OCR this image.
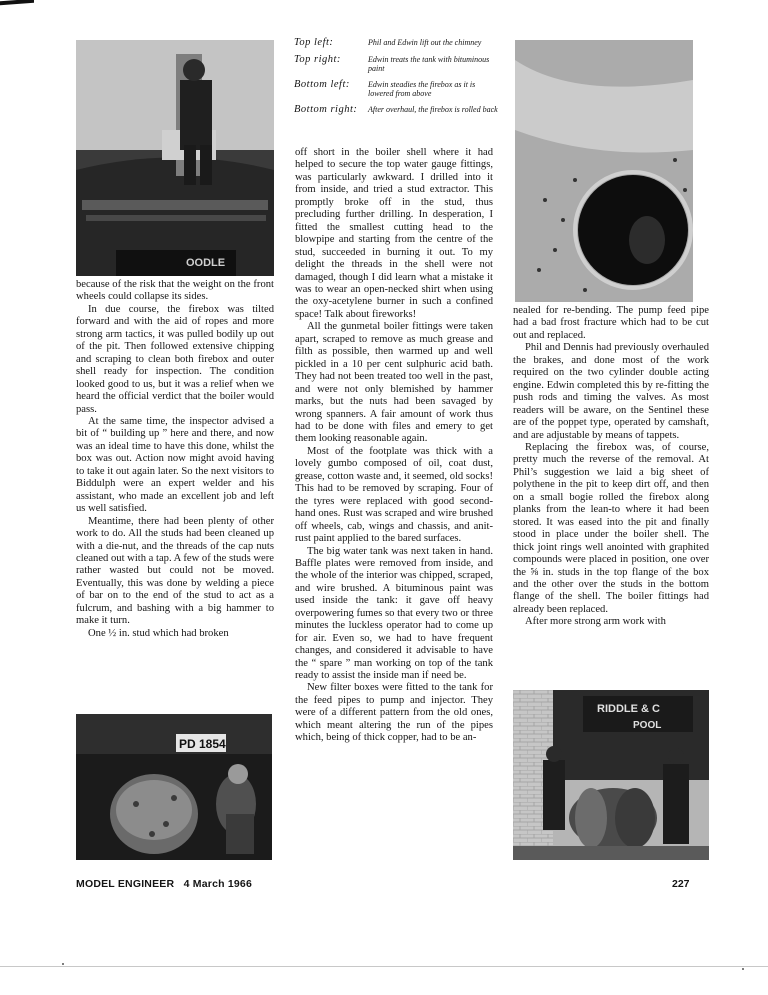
OODLE
Top left:	Phil and Edwin lift out the chimney
Top right:	Edwin treats the tank with bituminous paint
Bottom left:	Edwin steadies the firebox as it is lowered from above
Bottom right:	After overhaul, the firebox is rolled back

because of the risk that the weight on the front wheels could collapse its sides.

In due course, the firebox was tilted forward and with the aid of ropes and more strong arm tactics, it was pulled bodily up out of the pit. Then followed extensive chipping and scraping to clean both firebox and outer shell ready for inspection. The condition looked good to us, but it was a relief when we heard the official verdict that the boiler would pass.

At the same time, the inspector advised a bit of “ building up ” here and there, and now was an ideal time to have this done, whilst the box was out. Action now might avoid having to take it out again later. So the next visitors to Biddulph were an expert welder and his assistant, who made an excellent job and left us well satisfied.

Meantime, there had been plenty of other work to do. All the studs had been cleaned up with a die-nut, and the threads of the cap nuts cleaned out with a tap. A few of the studs were rather wasted but could not be moved. Eventually, this was done by welding a piece of bar on to the end of the stud to act as a fulcrum, and bashing with a big hammer to make it turn.

One ½ in. stud which had broken

PD 1854

off short in the boiler shell where it had helped to secure the top water gauge fittings, was particularly awkward. I drilled into it from inside, and tried a stud extractor. This promptly broke off in the stud, thus precluding further drilling. In desperation, I fitted the smallest cutting head to the blowpipe and starting from the centre of the stud, succeeded in burning it out. To my delight the threads in the shell were not damaged, though I did learn what a mistake it was to wear an open-necked shirt when using the oxy-acetylene burner in such a confined space! Talk about fireworks!

All the gunmetal boiler fittings were taken apart, scraped to remove as much grease and filth as possible, then warmed up and well pickled in a 10 per cent sulphuric acid bath. They had not been treated too well in the past, and were not only blemished by hammer marks, but the nuts had been savaged by wrong spanners. A fair amount of work thus had to be done with files and emery to get them looking reasonable again.

Most of the footplate was thick with a lovely gumbo composed of oil, coat dust, grease, cotton waste and, it seemed, old socks! This had to be removed by scraping. Four of the tyres were replaced with good second-hand ones. Rust was scraped and wire brushed off wheels, cab, wings and chassis, and anit-rust paint applied to the bared surfaces.

The big water tank was next taken in hand. Baffle plates were removed from inside, and the whole of the interior was chipped, scraped, and wire brushed. A bituminous paint was used inside the tank: it gave off heavy overpowering fumes so that every two or three minutes the luckless operator had to come up for air. Even so, we had to have frequent changes, and considered it advisable to have the “ spare ” man working on top of the tank ready to assist the inside man if need be.

New filter boxes were fitted to the tank for the feed pipes to pump and injector. They were of a different pattern from the old ones, which meant altering the run of the pipes which, being of thick copper, had to be an-

nealed for re-bending. The pump feed pipe had a bad frost fracture which had to be cut out and replaced.

Phil and Dennis had previously overhauled the brakes, and done most of the work required on the two cylinder double acting engine. Edwin completed this by re-fitting the push rods and timing the valves. As most readers will be aware, on the Sentinel these are of the poppet type, operated by camshaft, and are adjustable by means of tappets.

Replacing the firebox was, of course, pretty much the reverse of the removal. At Phil’s suggestion we laid a big sheet of polythene in the pit to keep dirt off, and then on a small bogie rolled the firebox along planks from the lean-to where it had been stored. It was eased into the pit and finally stood in place under the boiler shell. The thick joint rings well anointed with graphited compounds were placed in position, one over the ⅝ in. studs in the top flange of the box and the other over the studs in the bottom flange of the shell. The boiler fittings had already been replaced.

After more strong arm work with

RIDDLE & C
POOL
MODEL ENGINEER   4 March 1966	227
